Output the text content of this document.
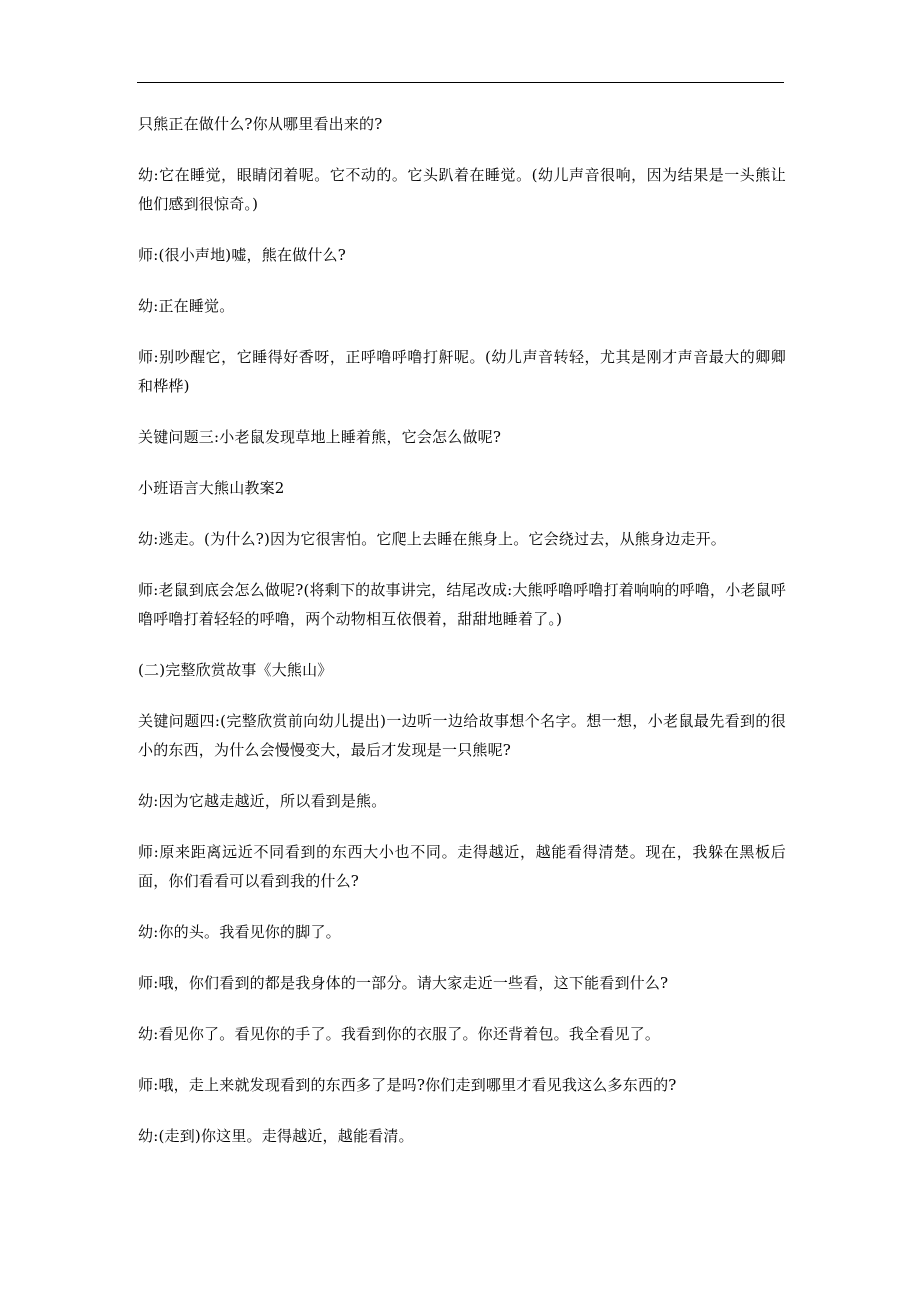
只熊正在做什么?你从哪里看出来的?

幼:它在睡觉，眼睛闭着呢。它不动的。它头趴着在睡觉。(幼儿声音很响，因为结果是一头熊让他们感到很惊奇。)

师:(很小声地)嘘，熊在做什么?

幼:正在睡觉。

师:别吵醒它，它睡得好香呀，正呼噜呼噜打鼾呢。(幼儿声音转轻，尤其是刚才声音最大的卿卿和桦桦)

关键问题三:小老鼠发现草地上睡着熊，它会怎么做呢?

小班语言大熊山教案2

幼:逃走。(为什么?)因为它很害怕。它爬上去睡在熊身上。它会绕过去，从熊身边走开。

师:老鼠到底会怎么做呢?(将剩下的故事讲完，结尾改成:大熊呼噜呼噜打着响响的呼噜，小老鼠呼噜呼噜打着轻轻的呼噜，两个动物相互依偎着，甜甜地睡着了。)

(二)完整欣赏故事《大熊山》

关键问题四:(完整欣赏前向幼儿提出)一边听一边给故事想个名字。想一想，小老鼠最先看到的很小的东西，为什么会慢慢变大，最后才发现是一只熊呢?

幼:因为它越走越近，所以看到是熊。

师:原来距离远近不同看到的东西大小也不同。走得越近，越能看得清楚。现在，我躲在黑板后面，你们看看可以看到我的什么?

幼:你的头。我看见你的脚了。

师:哦，你们看到的都是我身体的一部分。请大家走近一些看，这下能看到什么?

幼:看见你了。看见你的手了。我看到你的衣服了。你还背着包。我全看见了。

师:哦，走上来就发现看到的东西多了是吗?你们走到哪里才看见我这么多东西的?

幼:(走到)你这里。走得越近，越能看清。
